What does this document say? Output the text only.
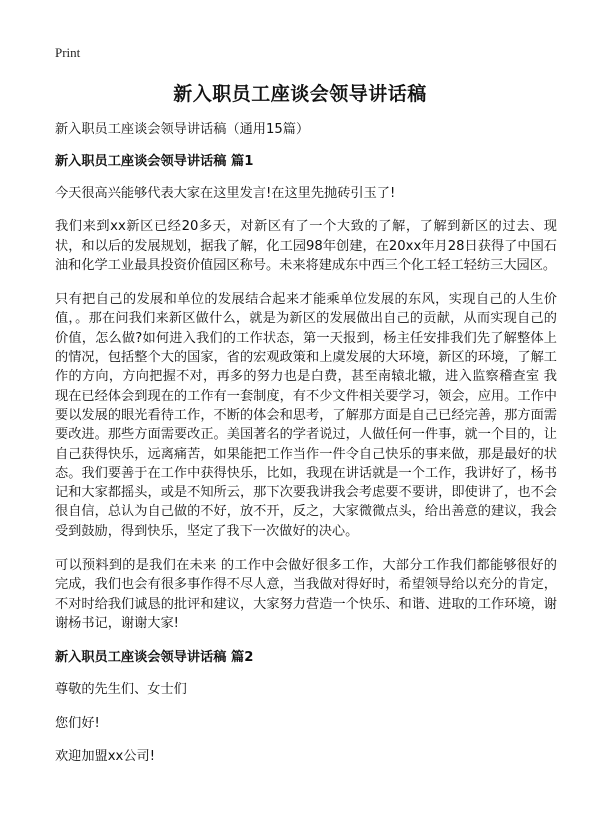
Print
新入职员工座谈会领导讲话稿

新入职员工座谈会领导讲话稿（通用15篇）

新入职员工座谈会领导讲话稿 篇1

今天很高兴能够代表大家在这里发言!在这里先抛砖引玉了!

我们来到xx新区已经20多天，对新区有了一个大致的了解，了解到新区的过去、现状，和以后的发展规划，据我了解，化工园98年创建，在20xx年月28日获得了中国石油和化学工业最具投资价值园区称号。未来将建成东中西三个化工轻工轻纺三大园区。

只有把自己的发展和单位的发展结合起来才能乘单位发展的东风，实现自己的人生价值，。那在问我们来新区做什么，就是为新区的发展做出自己的贡献，从而实现自己的价值，怎么做?如何进入我们的工作状态，第一天报到，杨主任安排我们先了解整体上的情况，包括整个大的国家，省的宏观政策和上虞发展的大环境，新区的环境，了解工作的方向，方向把握不对，再多的努力也是白费，甚至南辕北辙，进入监察稽查室 我现在已经体会到现在的工作有一套制度，有不少文件相关要学习，领会，应用。工作中要以发展的眼光看待工作，不断的体会和思考，了解那方面是自己已经完善，那方面需要改进。那些方面需要改正。美国著名的学者说过，人做任何一件事，就一个目的，让自己获得快乐，远离痛苦，如果能把工作当作一件令自己快乐的事来做，那是最好的状态。我们要善于在工作中获得快乐，比如，我现在讲话就是一个工作，我讲好了，杨书记和大家都摇头，或是不知所云，那下次要我讲我会考虑要不要讲，即使讲了，也不会很自信，总认为自己做的不好，放不开，反之，大家微微点头，给出善意的建议，我会受到鼓励，得到快乐，坚定了我下一次做好的决心。

可以预料到的是我们在未来 的工作中会做好很多工作，大部分工作我们都能够很好的完成，我们也会有很多事作得不尽人意，当我做对得好时，希望领导给以充分的肯定，不对时给我们诚恳的批评和建议，大家努力营造一个快乐、和谐、进取的工作环境，谢谢杨书记，谢谢大家!

新入职员工座谈会领导讲话稿 篇2

尊敬的先生们、女士们

您们好!

欢迎加盟xx公司!
